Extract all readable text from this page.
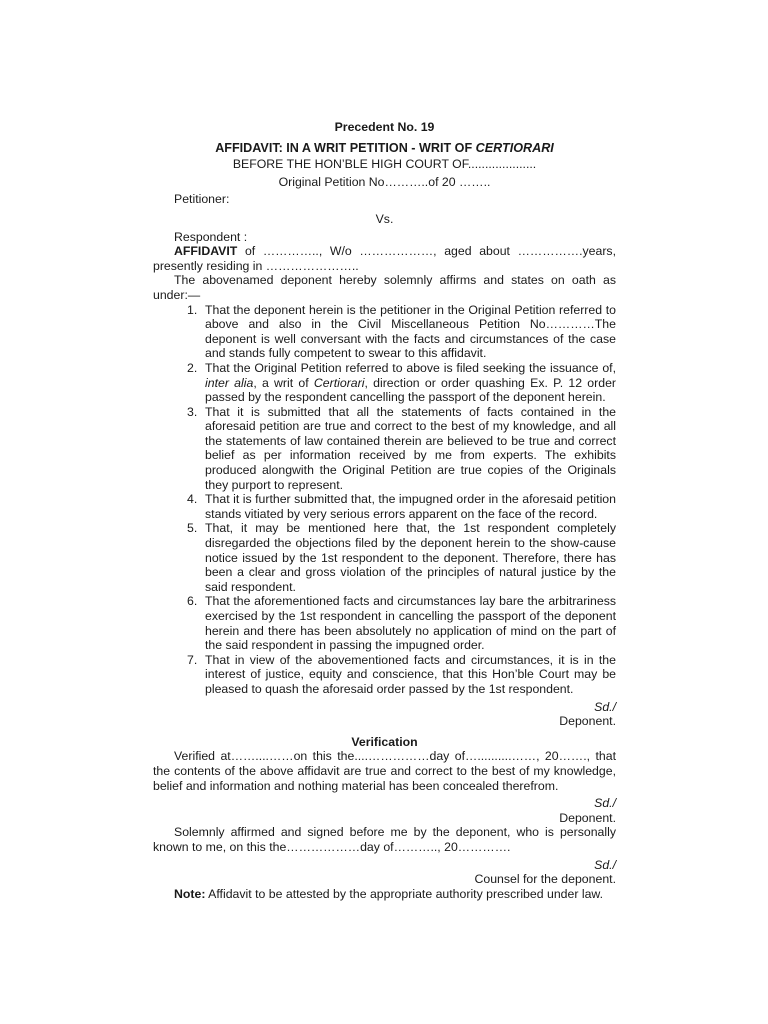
Precedent No. 19
AFFIDAVIT: IN A WRIT PETITION - WRIT OF CERTIORARI
BEFORE THE HON’BLE HIGH COURT OF....................
Original Petition No………..of 20 ……..
Petitioner:
Vs.
Respondent :
AFFIDAVIT of ………….., W/o ………………, aged about …………….years, presently residing in …………………..
The abovenamed deponent hereby solemnly affirms and states on oath as under:—
1. That the deponent herein is the petitioner in the Original Petition referred to above and also in the Civil Miscellaneous Petition No…………The deponent is well conversant with the facts and circumstances of the case and stands fully competent to swear to this affidavit.
2. That the Original Petition referred to above is filed seeking the issuance of, inter alia, a writ of Certiorari, direction or order quashing Ex. P. 12 order passed by the respondent cancelling the passport of the deponent herein.
3. That it is submitted that all the statements of facts contained in the aforesaid petition are true and correct to the best of my knowledge, and all the statements of law contained therein are believed to be true and correct belief as per information received by me from experts. The exhibits produced alongwith the Original Petition are true copies of the Originals they purport to represent.
4. That it is further submitted that, the impugned order in the aforesaid petition stands vitiated by very serious errors apparent on the face of the record.
5. That, it may be mentioned here that, the 1st respondent completely disregarded the objections filed by the deponent herein to the show-cause notice issued by the 1st respondent to the deponent. Therefore, there has been a clear and gross violation of the principles of natural justice by the said respondent.
6. That the aforementioned facts and circumstances lay bare the arbitrariness exercised by the 1st respondent in cancelling the passport of the deponent herein and there has been absolutely no application of mind on the part of the said respondent in passing the impugned order.
7. That in view of the abovementioned facts and circumstances, it is in the interest of justice, equity and conscience, that this Hon’ble Court may be pleased to quash the aforesaid order passed by the 1st respondent.
Sd./
Deponent.
Verification
Verified at……....……on this the....……………day of…..........……, 20……., that the contents of the above affidavit are true and correct to the best of my knowledge, belief and information and nothing material has been concealed therefrom.
Sd./
Deponent.
Solemnly affirmed and signed before me by the deponent, who is personally known to me, on this the………………day of……….., 20………….
Sd./
Counsel for the deponent.
Note: Affidavit to be attested by the appropriate authority prescribed under law.
